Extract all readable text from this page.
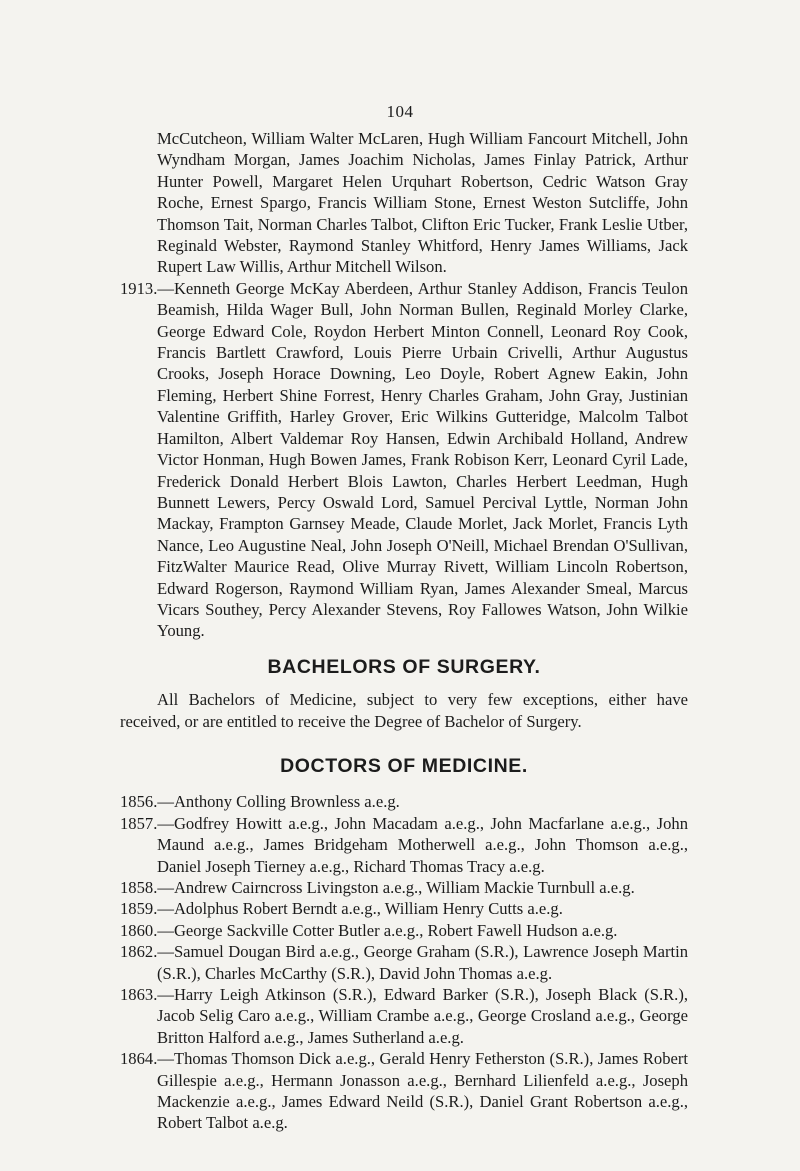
104

McCutcheon, William Walter McLaren, Hugh William Fancourt Mitchell, John Wyndham Morgan, James Joachim Nicholas, James Finlay Patrick, Arthur Hunter Powell, Margaret Helen Urquhart Robertson, Cedric Watson Gray Roche, Ernest Spargo, Francis William Stone, Ernest Weston Sutcliffe, John Thomson Tait, Norman Charles Talbot, Clifton Eric Tucker, Frank Leslie Utber, Reginald Webster, Raymond Stanley Whitford, Henry James Williams, Jack Rupert Law Willis, Arthur Mitchell Wilson.

1913.—Kenneth George McKay Aberdeen, Arthur Stanley Addison, Francis Teulon Beamish, Hilda Wager Bull, John Norman Bullen, Reginald Morley Clarke, George Edward Cole, Roydon Herbert Minton Connell, Leonard Roy Cook, Francis Bartlett Crawford, Louis Pierre Urbain Crivelli, Arthur Augustus Crooks, Joseph Horace Downing, Leo Doyle, Robert Agnew Eakin, John Fleming, Herbert Shine Forrest, Henry Charles Graham, John Gray, Justinian Valentine Griffith, Harley Grover, Eric Wilkins Gutteridge, Malcolm Talbot Hamilton, Albert Valdemar Roy Hansen, Edwin Archibald Holland, Andrew Victor Honman, Hugh Bowen James, Frank Robison Kerr, Leonard Cyril Lade, Frederick Donald Herbert Blois Lawton, Charles Herbert Leedman, Hugh Bunnett Lewers, Percy Oswald Lord, Samuel Percival Lyttle, Norman John Mackay, Frampton Garnsey Meade, Claude Morlet, Jack Morlet, Francis Lyth Nance, Leo Augustine Neal, John Joseph O'Neill, Michael Brendan O'Sullivan, FitzWalter Maurice Read, Olive Murray Rivett, William Lincoln Robertson, Edward Rogerson, Raymond William Ryan, James Alexander Smeal, Marcus Vicars Southey, Percy Alexander Stevens, Roy Fallowes Watson, John Wilkie Young.

BACHELORS OF SURGERY.

All Bachelors of Medicine, subject to very few exceptions, either have received, or are entitled to receive the Degree of Bachelor of Surgery.

DOCTORS OF MEDICINE.

1856.—Anthony Colling Brownless a.e.g.

1857.—Godfrey Howitt a.e.g., John Macadam a.e.g., John Macfarlane a.e.g., John Maund a.e.g., James Bridgeham Motherwell a.e.g., John Thomson a.e.g., Daniel Joseph Tierney a.e.g., Richard Thomas Tracy a.e.g.

1858.—Andrew Cairncross Livingston a.e.g., William Mackie Turnbull a.e.g.

1859.—Adolphus Robert Berndt a.e.g., William Henry Cutts a.e.g.

1860.—George Sackville Cotter Butler a.e.g., Robert Fawell Hudson a.e.g.

1862.—Samuel Dougan Bird a.e.g., George Graham (S.R.), Lawrence Joseph Martin (S.R.), Charles McCarthy (S.R.), David John Thomas a.e.g.

1863.—Harry Leigh Atkinson (S.R.), Edward Barker (S.R.), Joseph Black (S.R.), Jacob Selig Caro a.e.g., William Crambe a.e.g., George Crosland a.e.g., George Britton Halford a.e.g., James Sutherland a.e.g.

1864.—Thomas Thomson Dick a.e.g., Gerald Henry Fetherston (S.R.), James Robert Gillespie a.e.g., Hermann Jonasson a.e.g., Bernhard Lilienfeld a.e.g., Joseph Mackenzie a.e.g., James Edward Neild (S.R.), Daniel Grant Robertson a.e.g., Robert Talbot a.e.g.
